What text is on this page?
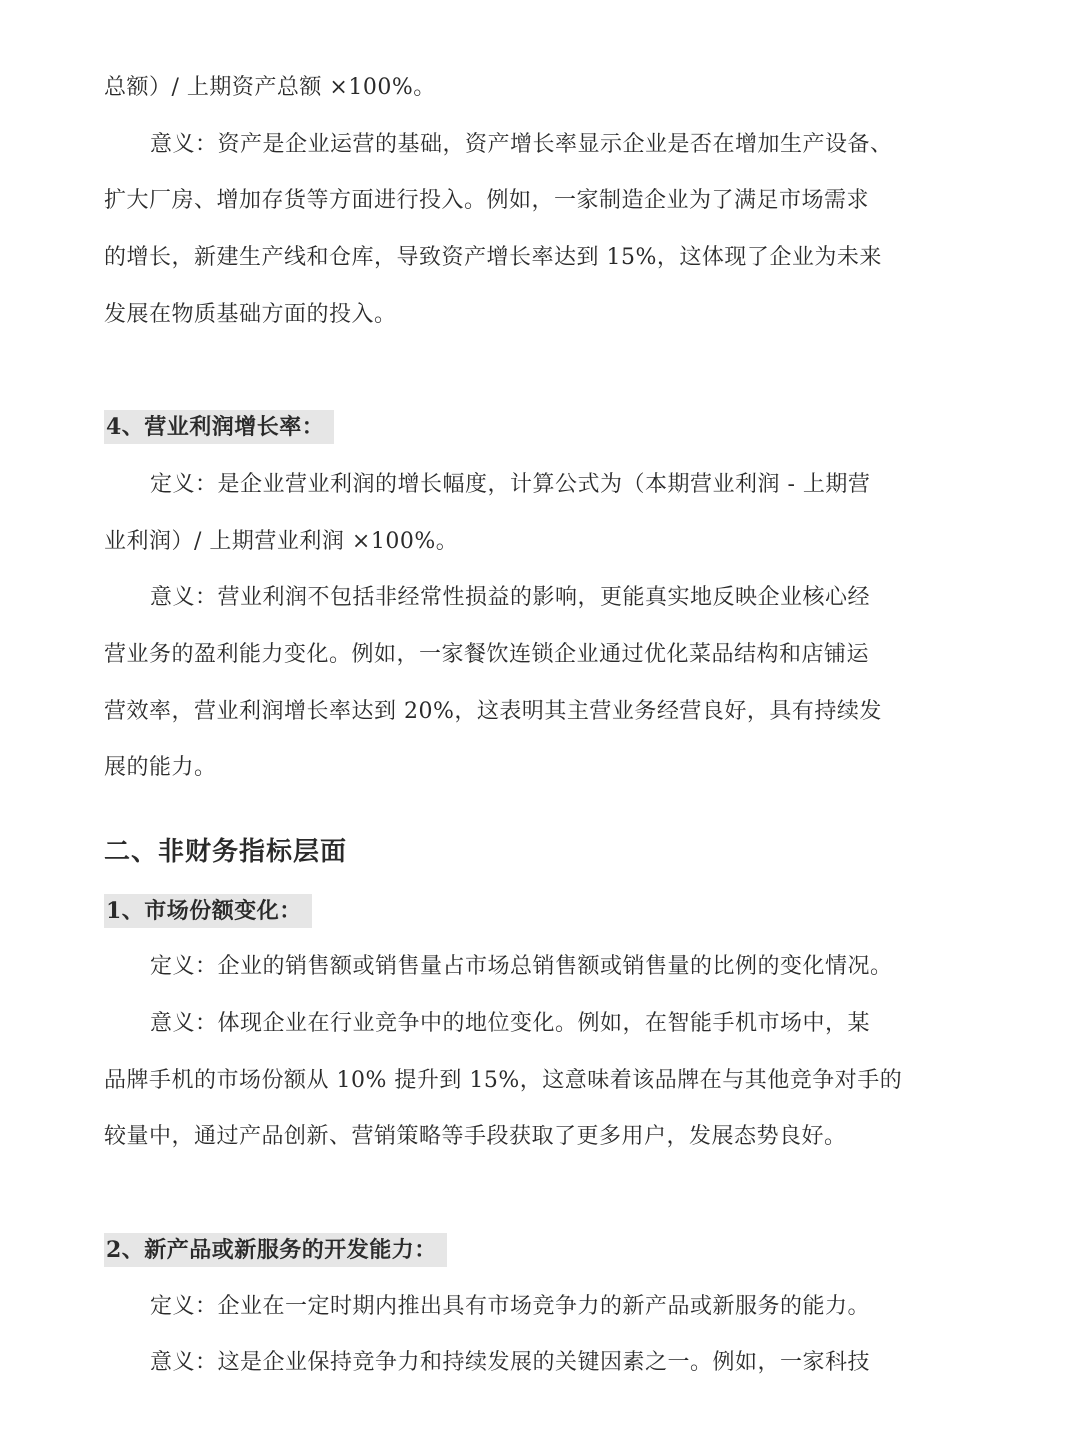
总额）/ 上期资产总额 ×100%。
意义：资产是企业运营的基础，资产增长率显示企业是否在增加生产设备、
扩大厂房、增加存货等方面进行投入。例如，一家制造企业为了满足市场需求
的增长，新建生产线和仓库，导致资产增长率达到 15%，这体现了企业为未来
发展在物质基础方面的投入。
4、营业利润增长率：
定义：是企业营业利润的增长幅度，计算公式为（本期营业利润 - 上期营
业利润）/ 上期营业利润 ×100%。
意义：营业利润不包括非经常性损益的影响，更能真实地反映企业核心经
营业务的盈利能力变化。例如，一家餐饮连锁企业通过优化菜品结构和店铺运
营效率，营业利润增长率达到 20%，这表明其主营业务经营良好，具有持续发
展的能力。
二、非财务指标层面
1、市场份额变化：
定义：企业的销售额或销售量占市场总销售额或销售量的比例的变化情况。
意义：体现企业在行业竞争中的地位变化。例如，在智能手机市场中，某
品牌手机的市场份额从 10% 提升到 15%，这意味着该品牌在与其他竞争对手的
较量中，通过产品创新、营销策略等手段获取了更多用户，发展态势良好。
2、新产品或新服务的开发能力：
定义：企业在一定时期内推出具有市场竞争力的新产品或新服务的能力。
意义：这是企业保持竞争力和持续发展的关键因素之一。例如，一家科技
